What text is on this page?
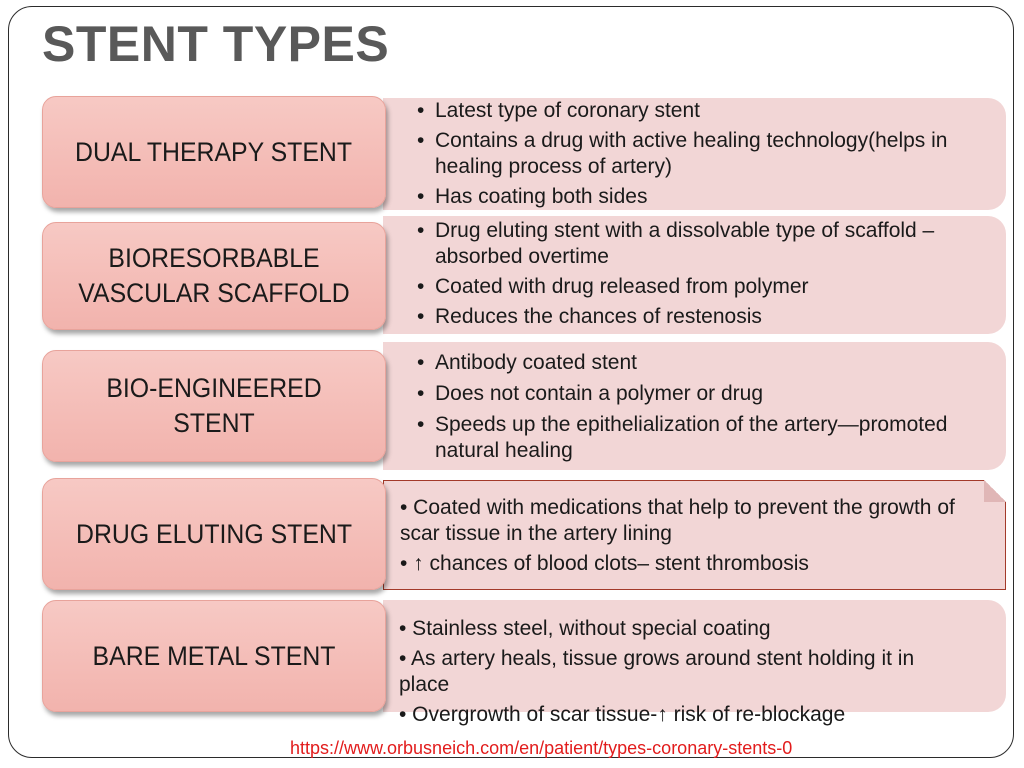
STENT TYPES
• Latest type of coronary stent
• Contains a drug with active healing technology(helps in healing process of artery)
• Has coating both sides
DUAL THERAPY STENT
• Drug eluting stent with a dissolvable type of scaffold – absorbed overtime
• Coated with drug released from polymer
• Reduces the chances of restenosis
BIORESORBABLE VASCULAR SCAFFOLD
• Antibody coated stent
• Does not contain a polymer or drug
• Speeds up the epithelialization of the artery—promoted natural healing
BIO-ENGINEERED STENT
• Coated with medications that help to prevent the growth of scar tissue in the artery lining
• ↑ chances of blood clots– stent thrombosis
DRUG ELUTING STENT
• Stainless steel, without special coating
• As artery heals, tissue grows around stent holding it in place
• Overgrowth of scar tissue-↑ risk of re-blockage
BARE METAL STENT

https://www.orbusneich.com/en/patient/types-coronary-stents-0
